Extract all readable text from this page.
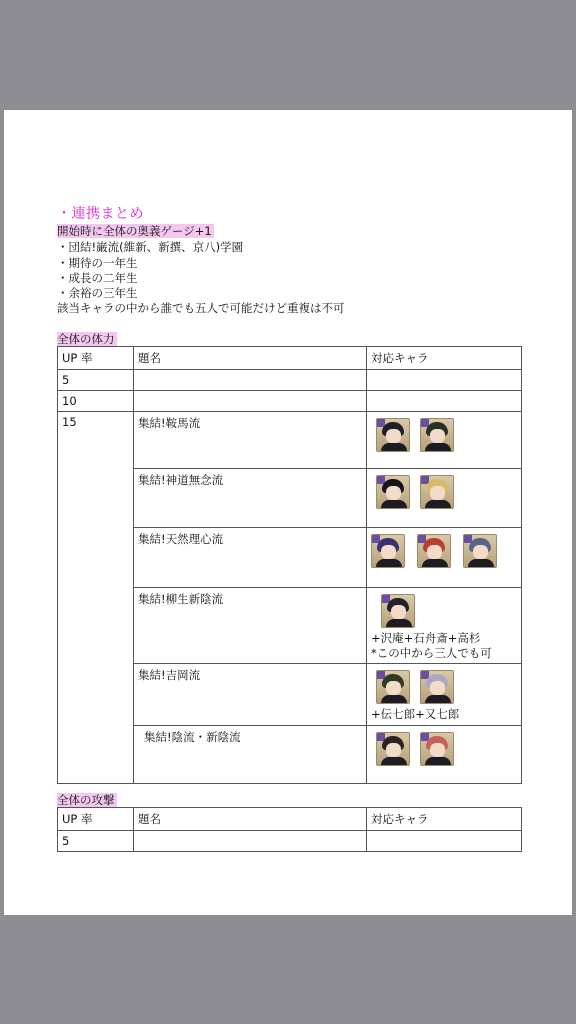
・連携まとめ
開始時に全体の奥義ゲージ+1
・団結!巌流(維新、新撰、京八)学園
・期待の一年生
・成長の二年生
・余裕の三年生
該当キャラの中から誰でも五人で可能だけど重複は不可
全体の体力
UP 率	題名	対応キャラ
5		
10		
15	集結!鞍馬流	

	集結!神道無念流	

	集結!天然理心流	

	集結!柳生新陰流	+沢庵+石舟斎+高杉
*この中から三人でも可

	集結!吉岡流	+伝七郎+又七郎

	集結!陰流・新陰流	
全体の攻撃
UP 率	題名	対応キャラ
5		
